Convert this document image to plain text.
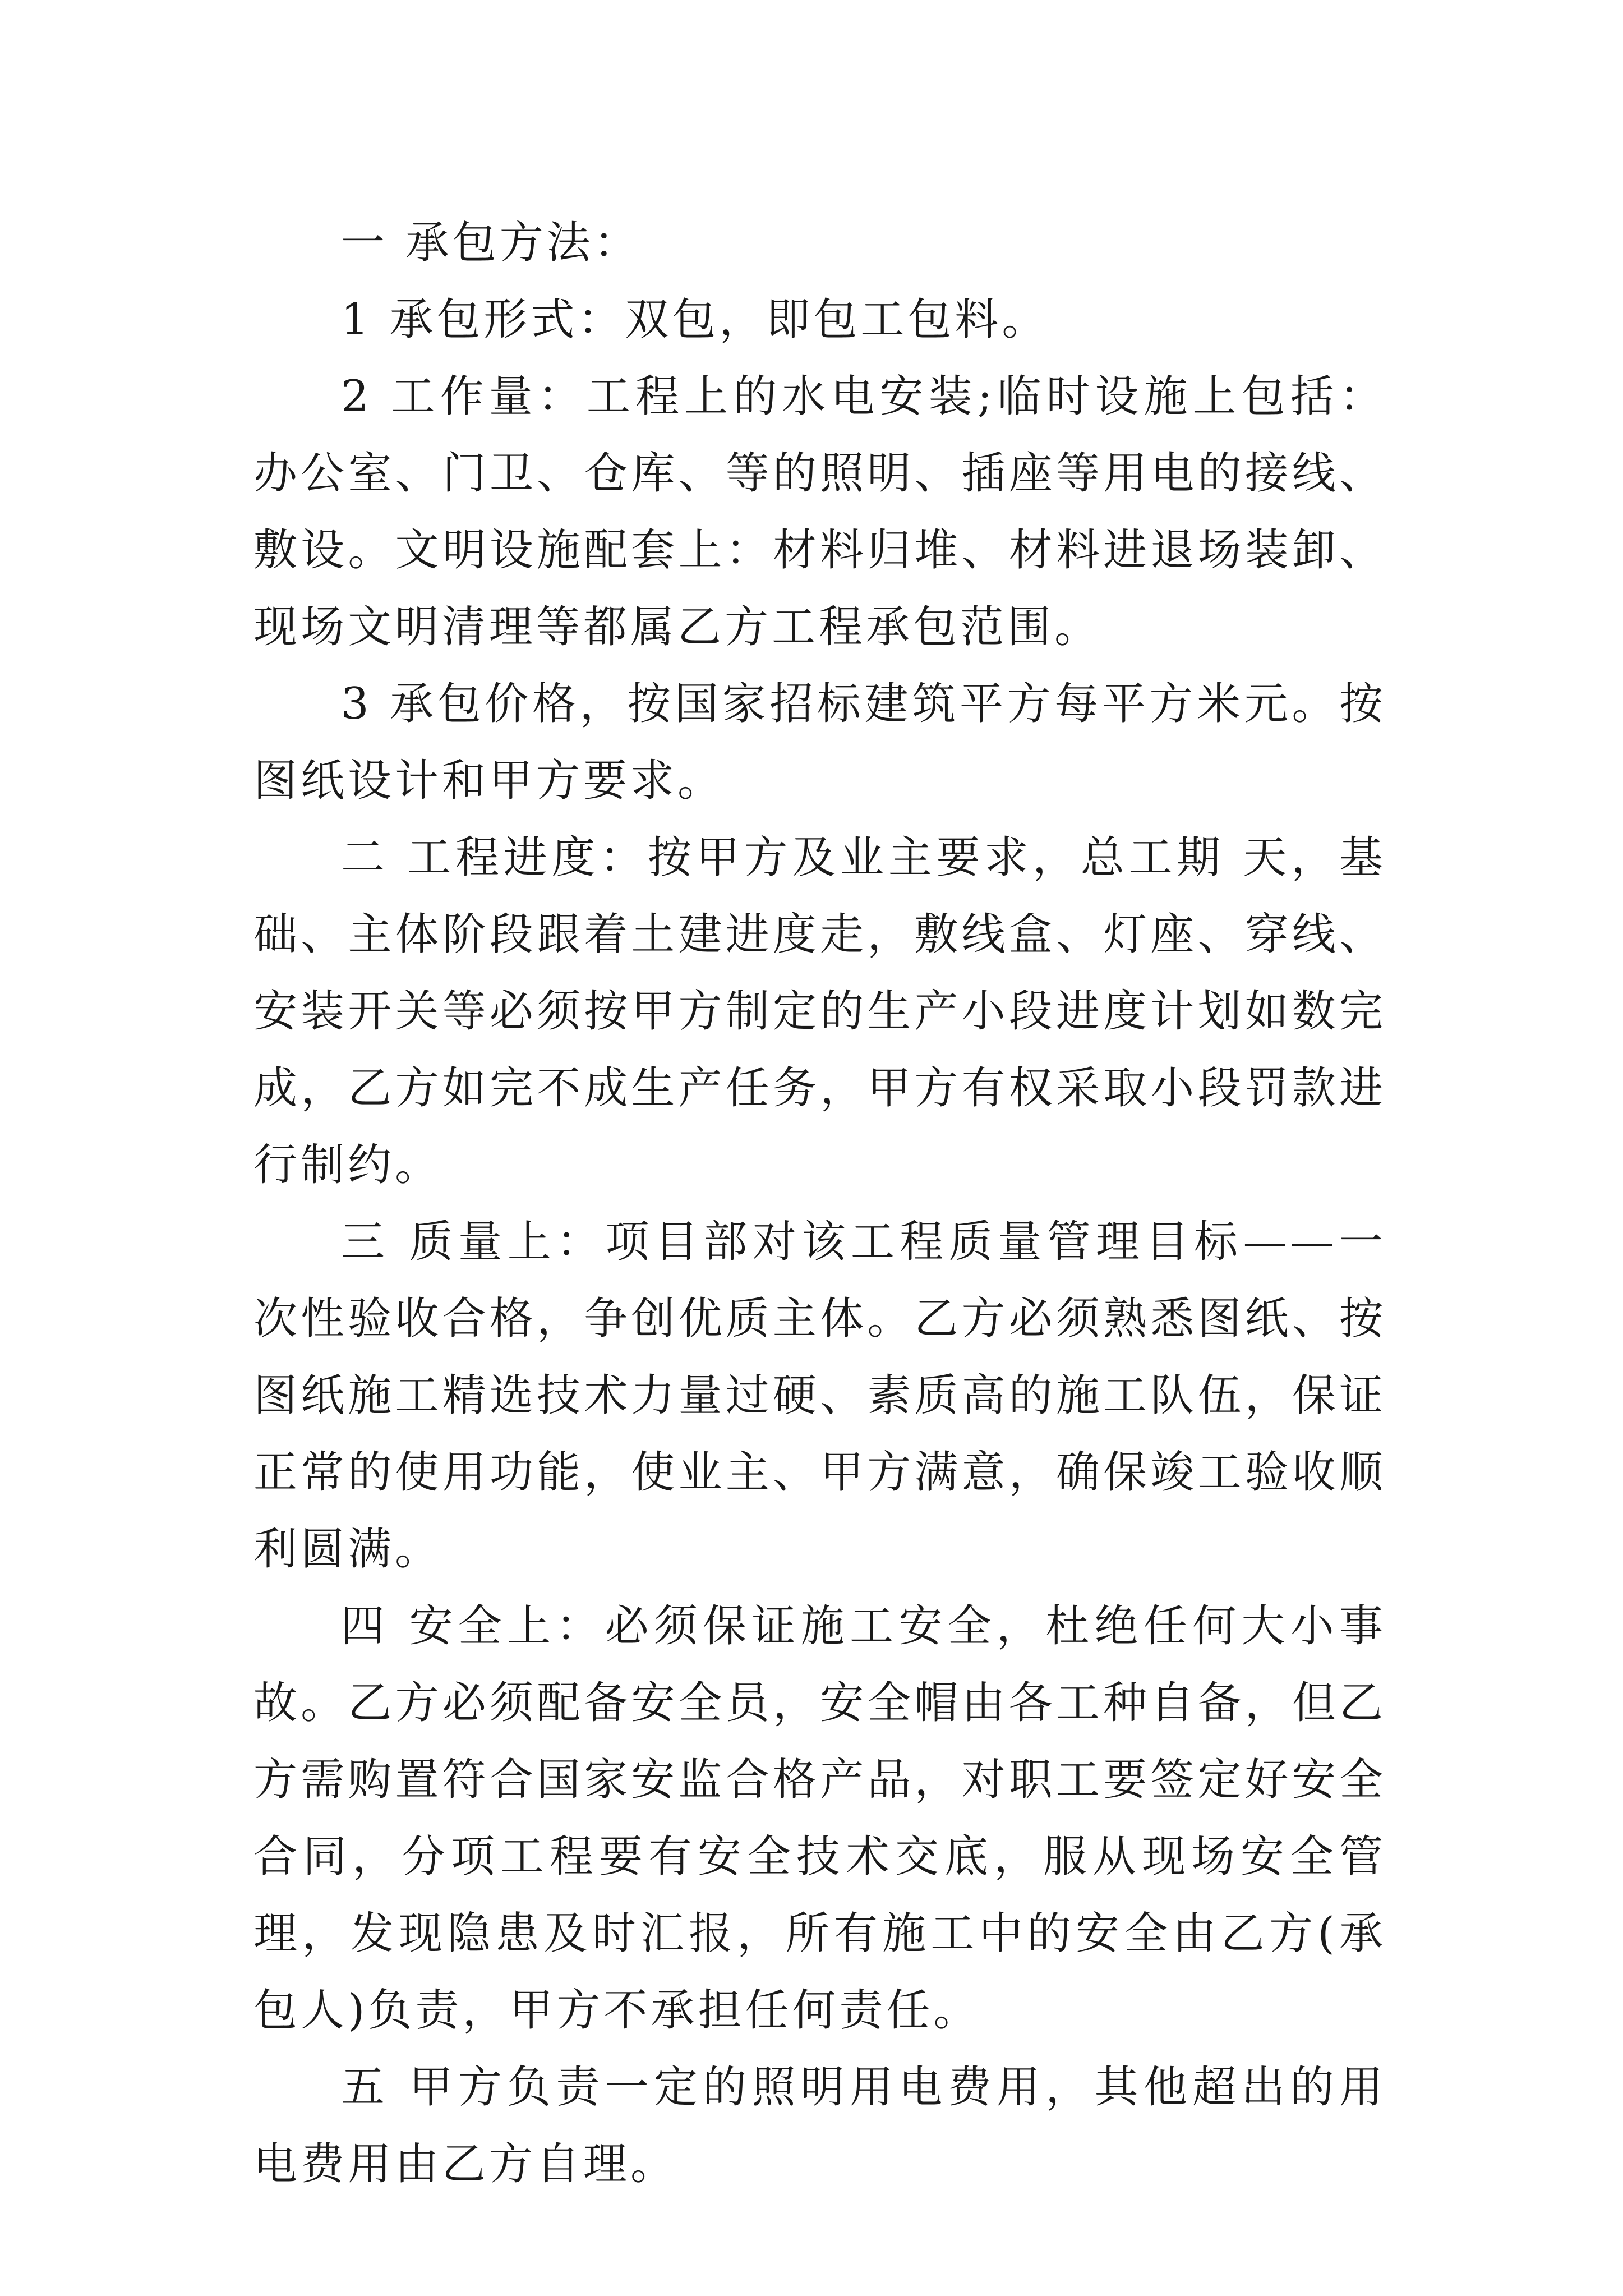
一 承包方法：

1 承包形式：双包，即包工包料。

2 工作量：工程上的水电安装;临时设施上包括：办公室、门卫、仓库、等的照明、插座等用电的接线、敷设。文明设施配套上：材料归堆、材料进退场装卸、现场文明清理等都属乙方工程承包范围。

3 承包价格，按国家招标建筑平方每平方米元。按图纸设计和甲方要求。

二 工程进度：按甲方及业主要求，总工期 天，基础、主体阶段跟着土建进度走，敷线盒、灯座、穿线、安装开关等必须按甲方制定的生产小段进度计划如数完成，乙方如完不成生产任务，甲方有权采取小段罚款进行制约。

三 质量上：项目部对该工程质量管理目标——一次性验收合格，争创优质主体。乙方必须熟悉图纸、按图纸施工精选技术力量过硬、素质高的施工队伍，保证正常的使用功能，使业主、甲方满意，确保竣工验收顺利圆满。

四 安全上：必须保证施工安全，杜绝任何大小事故。乙方必须配备安全员，安全帽由各工种自备，但乙方需购置符合国家安监合格产品，对职工要签定好安全合同，分项工程要有安全技术交底，服从现场安全管理，发现隐患及时汇报，所有施工中的安全由乙方(承包人)负责，甲方不承担任何责任。

五 甲方负责一定的照明用电费用，其他超出的用电费用由乙方自理。
